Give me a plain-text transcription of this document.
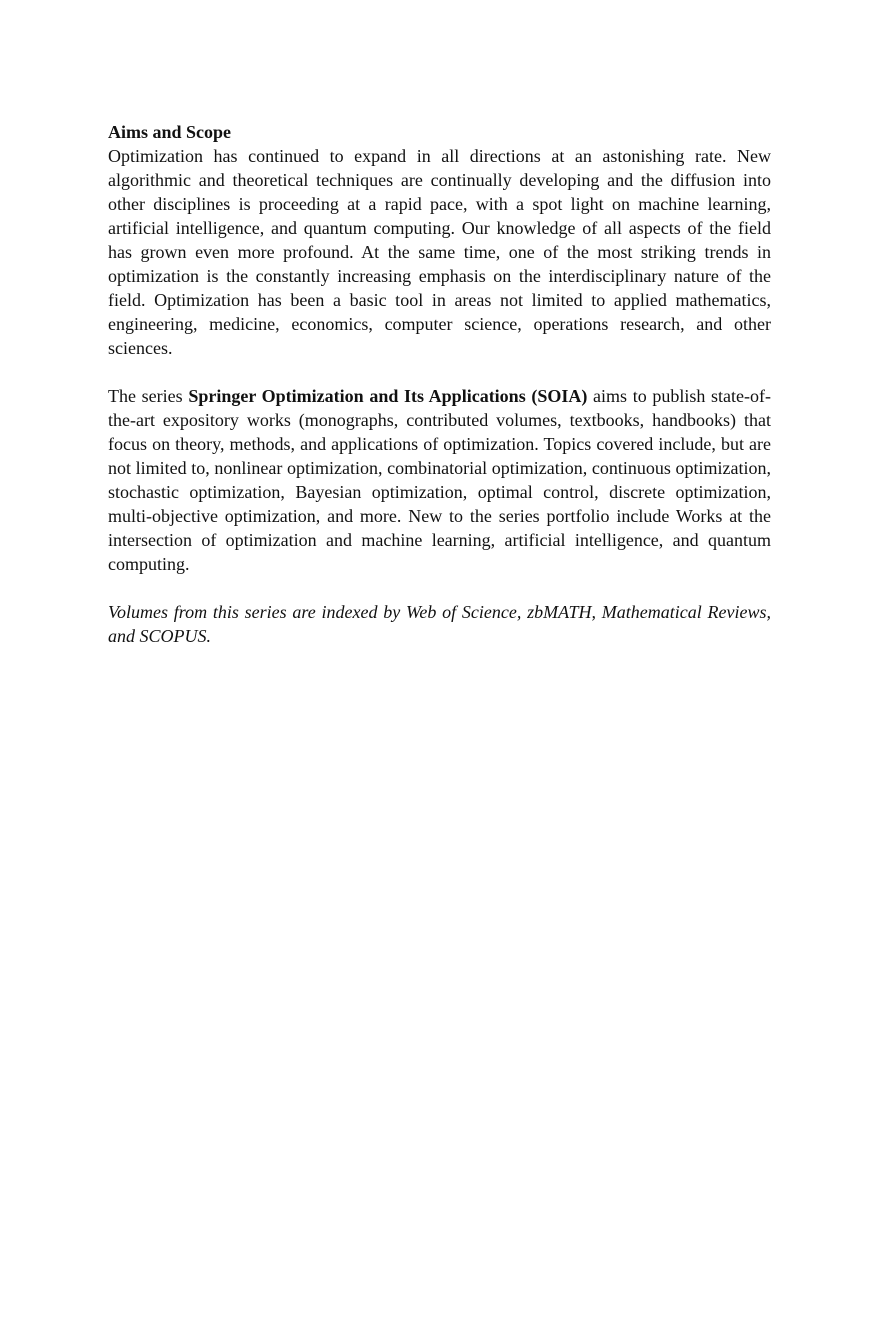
Aims and Scope

Optimization has continued to expand in all directions at an astonishing rate. New algorithmic and theoretical techniques are continually developing and the diffusion into other disciplines is proceeding at a rapid pace, with a spot light on machine learning, artificial intelligence, and quantum computing. Our knowledge of all aspects of the field has grown even more profound. At the same time, one of the most striking trends in optimization is the constantly increasing emphasis on the interdisciplinary nature of the field. Optimization has been a basic tool in areas not limited to applied mathematics, engineering, medicine, economics, computer science, operations research, and other sciences.

The series Springer Optimization and Its Applications (SOIA) aims to publish state-of-the-art expository works (monographs, contributed volumes, textbooks, handbooks) that focus on theory, methods, and applications of optimization. Topics covered include, but are not limited to, nonlinear optimization, combinatorial optimization, continuous optimization, stochastic optimization, Bayesian optimization, optimal control, discrete optimization, multi-objective optimization, and more. New to the series portfolio include Works at the intersection of optimization and machine learning, artificial intelligence, and quantum computing.

Volumes from this series are indexed by Web of Science, zbMATH, Mathematical Reviews, and SCOPUS.
